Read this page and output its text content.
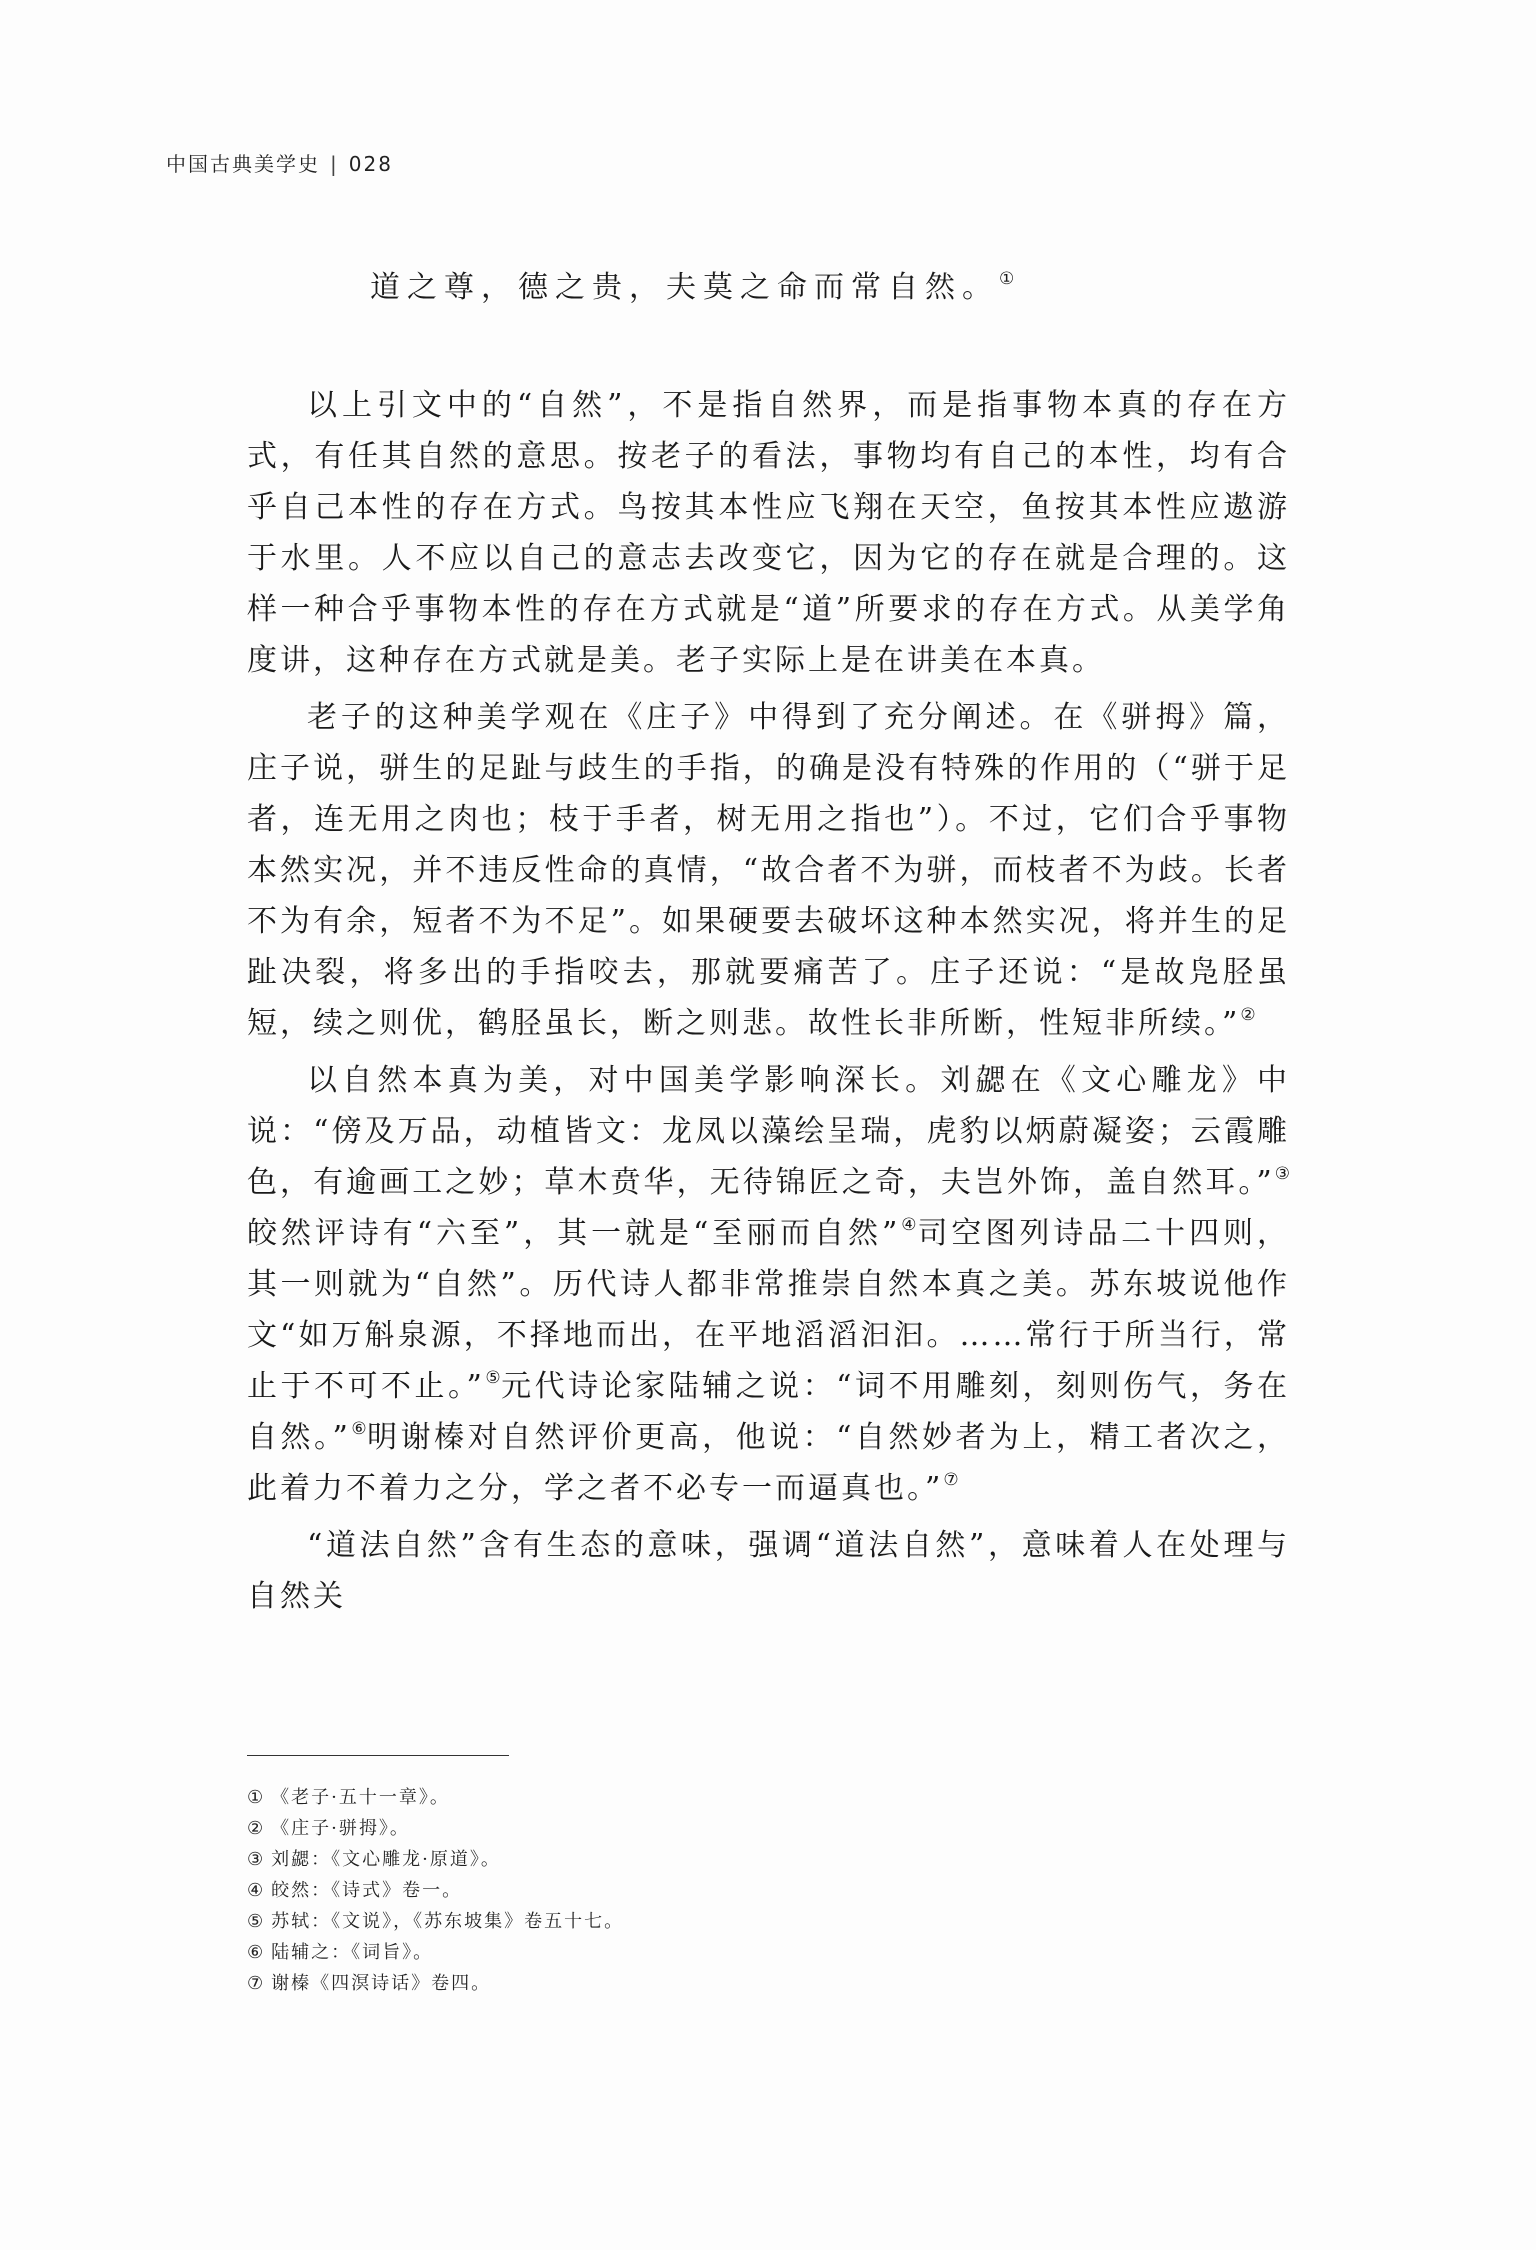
中国古典美学史 | 028
道之尊，德之贵，夫莫之命而常自然。①

以上引文中的“自然”，不是指自然界，而是指事物本真的存在方式，有任其自然的意思。按老子的看法，事物均有自己的本性，均有合乎自己本性的存在方式。鸟按其本性应飞翔在天空，鱼按其本性应遨游于水里。人不应以自己的意志去改变它，因为它的存在就是合理的。这样一种合乎事物本性的存在方式就是“道”所要求的存在方式。从美学角度讲，这种存在方式就是美。老子实际上是在讲美在本真。

老子的这种美学观在《庄子》中得到了充分阐述。在《骈拇》篇，庄子说，骈生的足趾与歧生的手指，的确是没有特殊的作用的（“骈于足者，连无用之肉也；枝于手者，树无用之指也”）。不过，它们合乎事物本然实况，并不违反性命的真情，“故合者不为骈，而枝者不为歧。长者不为有余，短者不为不足”。如果硬要去破坏这种本然实况，将并生的足趾决裂，将多出的手指咬去，那就要痛苦了。庄子还说：“是故凫胫虽短，续之则优，鹤胫虽长，断之则悲。故性长非所断，性短非所续。”②

以自然本真为美，对中国美学影响深长。刘勰在《文心雕龙》中说：“傍及万品，动植皆文：龙凤以藻绘呈瑞，虎豹以炳蔚凝姿；云霞雕色，有逾画工之妙；草木贲华，无待锦匠之奇，夫岂外饰，盖自然耳。”③皎然评诗有“六至”，其一就是“至丽而自然”④司空图列诗品二十四则，其一则就为“自然”。历代诗人都非常推崇自然本真之美。苏东坡说他作文“如万斛泉源，不择地而出，在平地滔滔汩汩。……常行于所当行，常止于不可不止。”⑤元代诗论家陆辅之说：“词不用雕刻，刻则伤气，务在自然。”⑥明谢榛对自然评价更高，他说：“自然妙者为上，精工者次之，此着力不着力之分，学之者不必专一而逼真也。”⑦

“道法自然”含有生态的意味，强调“道法自然”，意味着人在处理与自然关

① 《老子·五十一章》。
② 《庄子·骈拇》。
③ 刘勰：《文心雕龙·原道》。
④ 皎然：《诗式》卷一。
⑤ 苏轼：《文说》，《苏东坡集》卷五十七。
⑥ 陆辅之：《词旨》。
⑦ 谢榛《四溟诗话》卷四。
